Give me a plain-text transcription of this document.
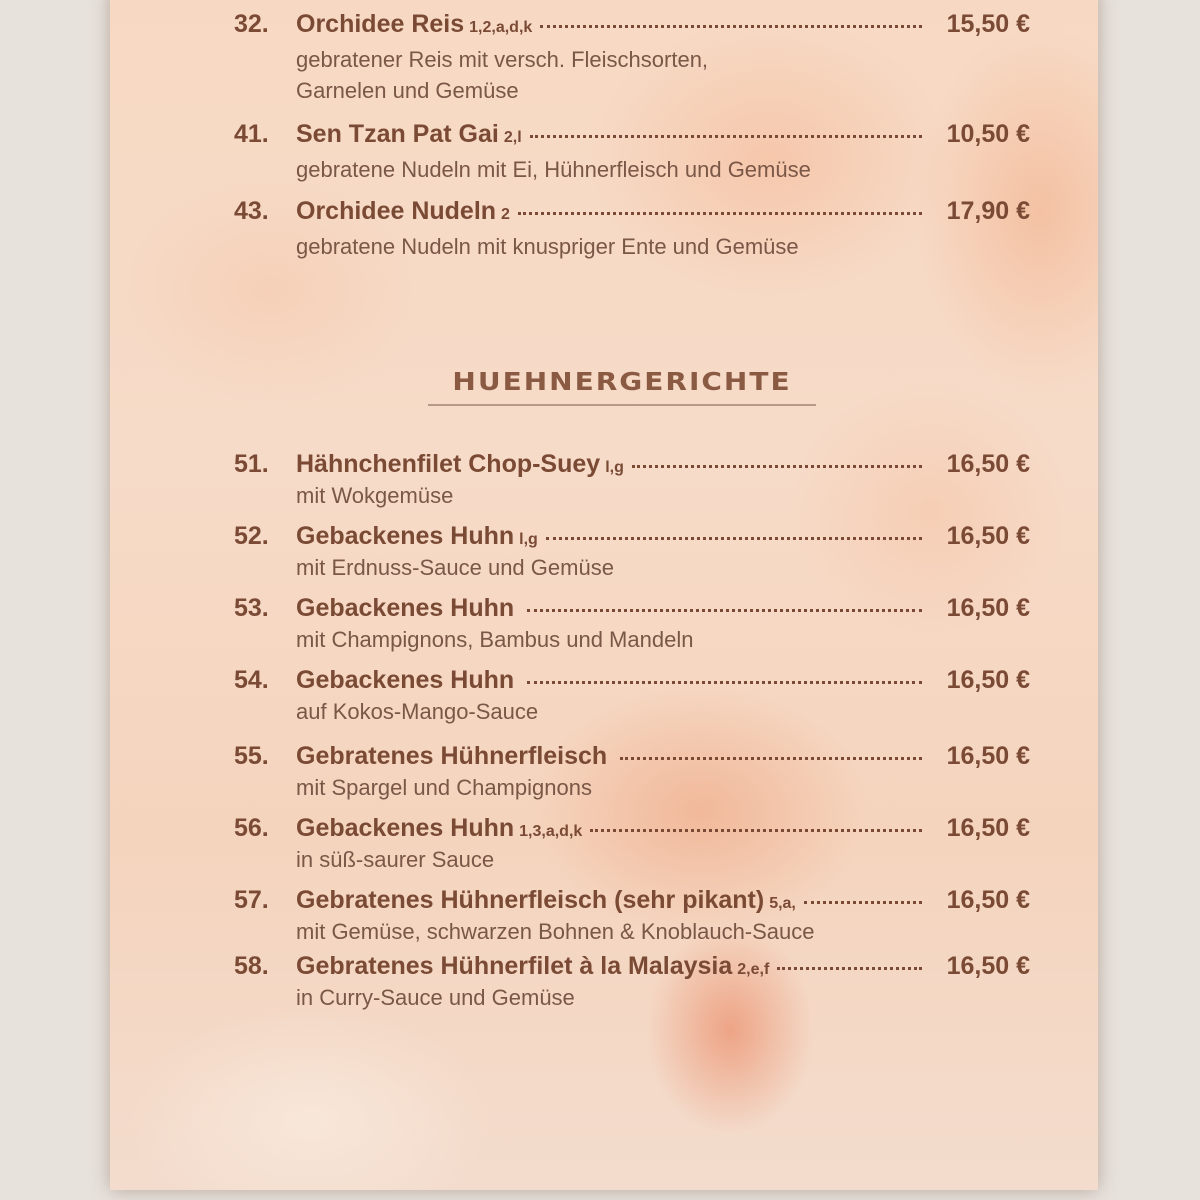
32.	Orchidee Reis 1,2,a,d,k	15,50 €
gebratener Reis mit versch. Fleischsorten, Garnelen und Gemüse
41.	Sen Tzan Pat Gai 2,l	10,50 €
gebratene Nudeln mit Ei, Hühnerfleisch und Gemüse
43.	Orchidee Nudeln 2	17,90 €
gebratene Nudeln mit knuspriger Ente und Gemüse
HUEHNERGERICHTE
51.	Hähnchenfilet Chop-Suey l,g	16,50 €
mit Wokgemüse
52.	Gebackenes Huhn l,g	16,50 €
mit Erdnuss-Sauce und Gemüse
53.	Gebackenes Huhn	16,50 €
mit Champignons, Bambus und Mandeln
54.	Gebackenes Huhn	16,50 €
auf Kokos-Mango-Sauce
55.	Gebratenes Hühnerfleisch	16,50 €
mit Spargel und Champignons
56.	Gebackenes Huhn 1,3,a,d,k	16,50 €
in süß-saurer Sauce
57.	Gebratenes Hühnerfleisch (sehr pikant) 5,a,	16,50 €
mit Gemüse, schwarzen Bohnen & Knoblauch-Sauce
58.	Gebratenes Hühnerfilet à la Malaysia 2,e,f	16,50 €
in Curry-Sauce und Gemüse
